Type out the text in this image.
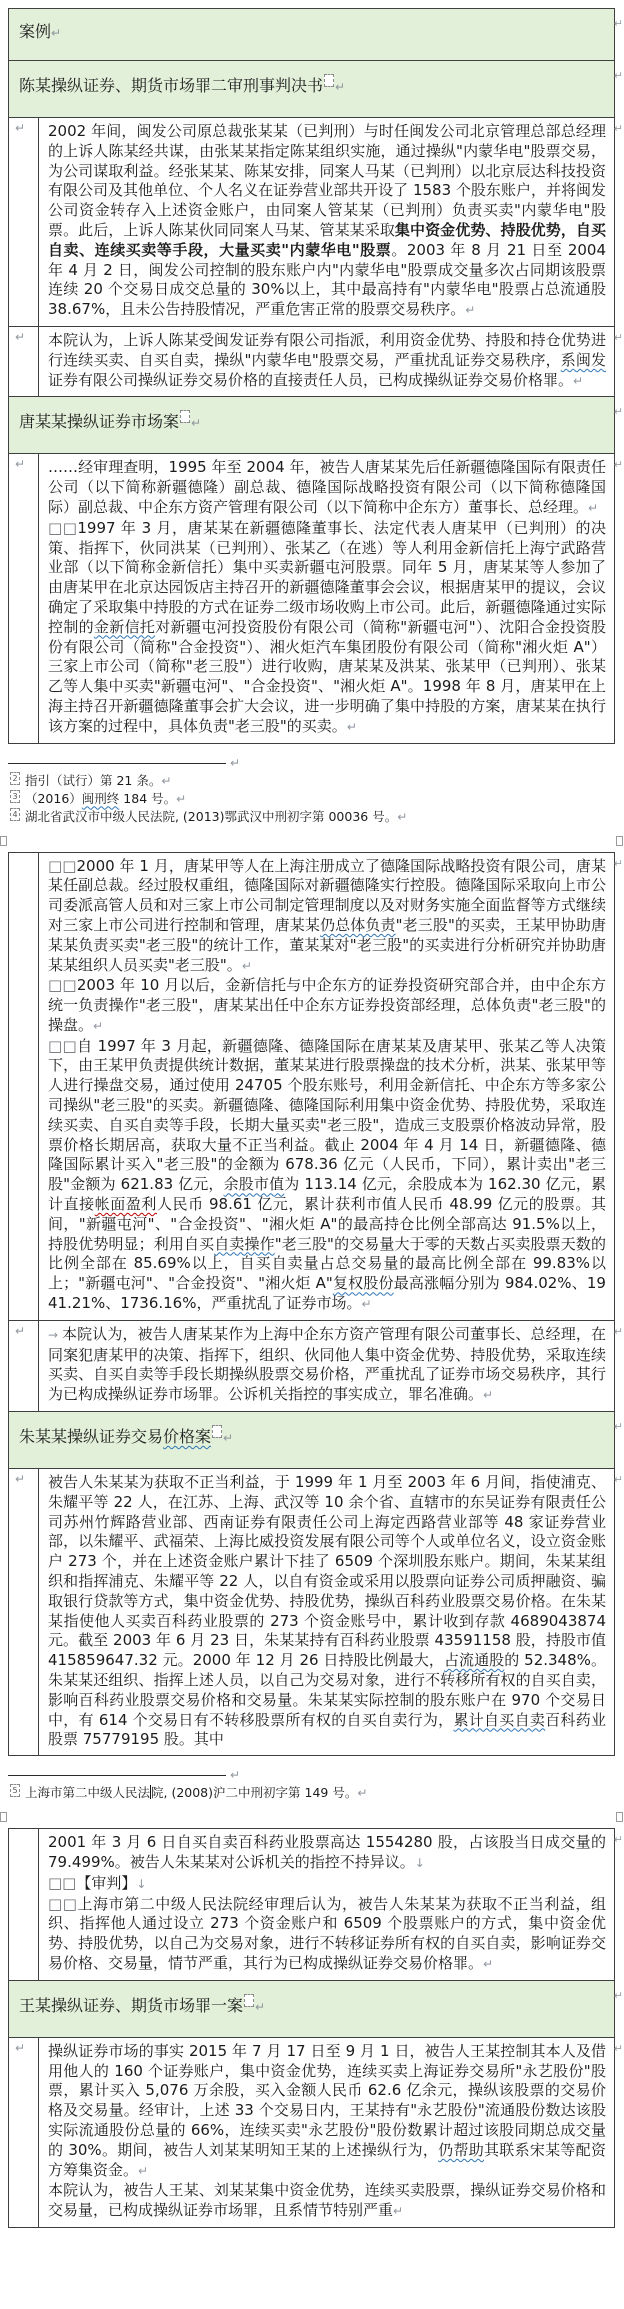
案例↵
↵
陈某操纵证券、期货市场罪二审刑事判决书 ↵
↵
↵	2002 年间，闽发公司原总裁张某某（已判刑）与时任闽发公司北京管理总部总经理的上诉人陈某经共谋，由张某某指定陈某组织实施，通过操纵"内蒙华电"股票交易，为公司谋取利益。经张某某、陈某安排，同案人马某（已判刑）以北京辰达科技投资有限公司及其他单位、个人名义在证券营业部共开设了 1583 个股东账户，并将闽发公司资金转存入上述资金账户，由同案人管某某（已判刑）负责买卖"内蒙华电"股票。此后，上诉人陈某伙同同案人马某、管某某采取集中资金优势、持股优势，自买自卖、连续买卖等手段，大量买卖"内蒙华电"股票。2003 年 8 月 21 日至 2004 年 4 月 2 日，闽发公司控制的股东账户内"内蒙华电"股票成交量多次占同期该股票连续 20 个交易日成交总量的 30%以上，其中最高持有"内蒙华电"股票占总流通股 38.67%，且未公告持股情况，严重危害正常的股票交易秩序。↵
↵
↵	本院认为，上诉人陈某受闽发证券有限公司指派，利用资金优势、持股和持仓优势进行连续买卖、自买自卖，操纵"内蒙华电"股票交易，严重扰乱证券交易秩序，系闽发证券有限公司操纵证券交易价格的直接责任人员，已构成操纵证券交易价格罪。↵
↵
唐某某操纵证券市场案 ↵
↵
↵	……经审理查明，1995 年至 2004 年，被告人唐某某先后任新疆德隆国际有限责任公司（以下简称新疆德隆）副总裁、德隆国际战略投资有限公司（以下简称德隆国际）副总裁、中企东方资产管理有限公司（以下简称中企东方）董事长、总经理。↵
□□1997 年 3 月，唐某某在新疆德隆董事长、法定代表人唐某甲（已判刑）的决策、指挥下，伙同洪某（已判刑）、张某乙（在逃）等人利用金新信托上海宁武路营业部（以下简称金新信托）集中买卖新疆屯河股票。同年 5 月，唐某某等人参加了由唐某甲在北京达园饭店主持召开的新疆德隆董事会会议，根据唐某甲的提议，会议确定了采取集中持股的方式在证券二级市场收购上市公司。此后，新疆德隆通过实际控制的金新信托对新疆屯河投资股份有限公司（简称"新疆屯河"）、沈阳合金投资股份有限公司（简称"合金投资"）、湘火炬汽车集团股份有限公司（简称"湘火炬 A"）三家上市公司（简称"老三股"）进行收购，唐某某及洪某、张某甲（已判刑）、张某乙等人集中买卖"新疆屯河"、"合金投资"、"湘火炬 A"。1998 年 8 月，唐某甲在上海主持召开新疆德隆董事会扩大会议，进一步明确了集中持股的方案，唐某某在执行该方案的过程中，具体负责"老三股"的买卖。↵
↵
↵
2 指引（试行）第 21 条。↵
3 （2016）闽刑终 184 号。↵
4 湖北省武汉市中级人民法院, (2013)鄂武汉中刑初字第 00036 号。↵
□□2000 年 1 月，唐某甲等人在上海注册成立了德隆国际战略投资有限公司，唐某某任副总裁。经过股权重组，德隆国际对新疆德隆实行控股。德隆国际采取向上市公司委派高管人员和对三家上市公司制定管理制度以及对财务实施全面监督等方式继续对三家上市公司进行控制和管理，唐某某仍总体负责"老三股"的买卖，王某甲协助唐某某负责买卖"老三股"的统计工作，董某某对"老三股"的买卖进行分析研究并协助唐某某组织人员买卖"老三股"。↵
□□2003 年 10 月以后，金新信托与中企东方的证券投资研究部合并，由中企东方统一负责操作"老三股"，唐某某出任中企东方证券投资部经理，总体负责"老三股"的操盘。↵
□□自 1997 年 3 月起，新疆德隆、德隆国际在唐某某及唐某甲、张某乙等人决策下，由王某甲负责提供统计数据，董某某进行股票操盘的技术分析，洪某、张某甲等人进行操盘交易，通过使用 24705 个股东账号，利用金新信托、中企东方等多家公司操纵"老三股"的买卖。新疆德隆、德隆国际利用集中资金优势、持股优势，采取连续买卖、自买自卖等手段，长期大量买卖"老三股"，造成三支股票价格波动异常，股票价格长期居高，获取大量不正当利益。截止 2004 年 4 月 14 日，新疆德隆、德隆国际累计买入"老三股"的金额为 678.36 亿元（人民币，下同），累计卖出"老三股"金额为 621.83 亿元，余股市值为 113.14 亿元，余股成本为 162.30 亿元，累计直接帐面盈利人民币 98.61 亿元，累计获利市值人民币 48.99 亿元的股票。其间，"新疆屯河"、"合金投资"、"湘火炬 A"的最高持仓比例全部高达 91.5%以上，持股优势明显；利用自买自卖操作"老三股"的交易量大于零的天数占买卖股票天数的比例全部在 85.69%以上，自买自卖量占总交易量的最高比例全部在 99.83%以上；"新疆屯河"、"合金投资"、"湘火炬 A"复权股份最高涨幅分别为 984.02%、1941.21%、1736.16%，严重扰乱了证券市场。↵
↵
↵	→ 本院认为，被告人唐某某作为上海中企东方资产管理有限公司董事长、总经理，在同案犯唐某甲的决策、指挥下，组织、伙同他人集中资金优势、持股优势，采取连续买卖、自买自卖等手段长期操纵股票交易价格，严重扰乱了证券市场交易秩序，其行为已构成操纵证券市场罪。公诉机关指控的事实成立，罪名准确。↵
↵
朱某某操纵证券交易价格案 ↵
↵
↵	被告人朱某某为获取不正当利益，于 1999 年 1 月至 2003 年 6 月间，指使浦克、朱耀平等 22 人，在江苏、上海、武汉等 10 余个省、直辖市的东吴证券有限责任公司苏州竹辉路营业部、西南证券有限责任公司上海定西路营业部等 48 家证券营业部，以朱耀平、武福荣、上海比威投资发展有限公司等个人或单位名义，设立资金账户 273 个，并在上述资金账户累计下挂了 6509 个深圳股东账户。期间，朱某某组织和指挥浦克、朱耀平等 22 人，以自有资金或采用以股票向证券公司质押融资、骗取银行贷款等方式，集中资金优势、持股优势，操纵百科药业股票交易价格。在朱某某指使他人买卖百科药业股票的 273 个资金账号中，累计收到存款 4689043874 元。截至 2003 年 6 月 23 日，朱某某持有百科药业股票 43591158 股，持股市值 415859647.32 元。2000 年 12 月 26 日持股比例最大，占流通股的 52.348%。朱某某还组织、指挥上述人员，以自己为交易对象，进行不转移所有权的自买自卖，影响百科药业股票交易价格和交易量。朱某某实际控制的股东账户在 970 个交易日中，有 614 个交易日有不转移股票所有权的自买自卖行为，累计自买自卖百科药业股票 75779195 股。其中
↵
↵
5 上海市第二中级人民法院, (2008)沪二中刑初字第 149 号。↵
2001 年 3 月 6 日自买自卖百科药业股票高达 1554280 股，占该股当日成交量的 79.499%。被告人朱某某对公诉机关的指控不持异议。↓
□□【审判】↓
□□上海市第二中级人民法院经审理后认为，被告人朱某某为获取不正当利益，组织、指挥他人通过设立 273 个资金账户和 6509 个股票账户的方式，集中资金优势、持股优势，以自己为交易对象，进行不转移证券所有权的自买自卖，影响证券交易价格、交易量，情节严重，其行为已构成操纵证券交易价格罪。↵
↵
王某操纵证券、期货市场罪一案 ↵
↵
↵	操纵证券市场的事实 2015 年 7 月 17 日至 9 月 1 日，被告人王某控制其本人及借用他人的 160 个证券账户，集中资金优势，连续买卖上海证券交易所"永艺股份"股票，累计买入 5,076 万余股，买入金额人民币 62.6 亿余元，操纵该股票的交易价格及交易量。经审计，上述 33 个交易日内，王某持有"永艺股份"流通股份数达该股实际流通股份总量的 66%，连续买卖"永艺股份"股份数累计超过该股同期总成交量的 30%。期间，被告人刘某某明知王某的上述操纵行为，仍帮助其联系宋某等配资方筹集资金。↵
本院认为，被告人王某、刘某某集中资金优势，连续买卖股票，操纵证券交易价格和交易量，已构成操纵证券市场罪，且系情节特别严重↵
↵
